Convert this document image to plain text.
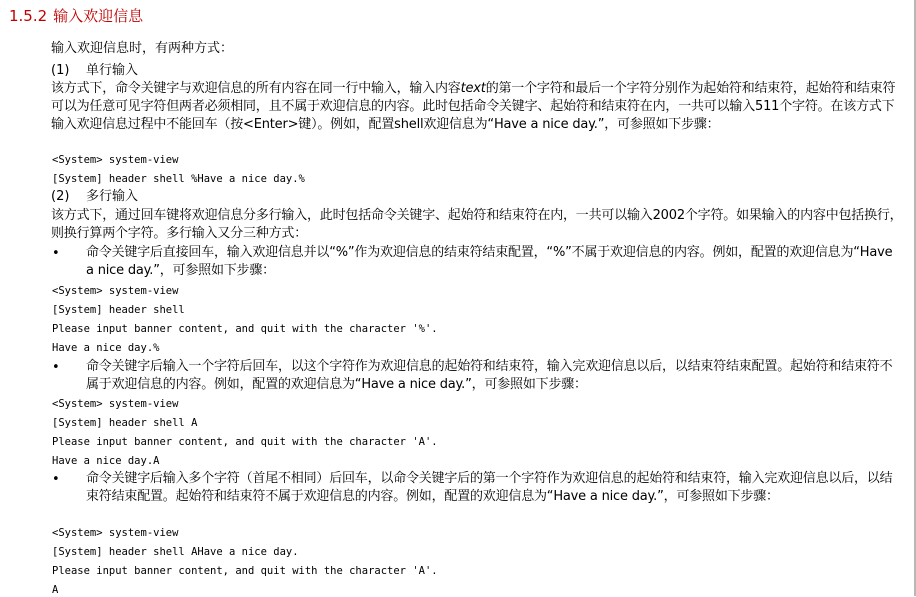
1.5.2 输入欢迎信息
输入欢迎信息时，有两种方式：
(1) 单行输入
该方式下，命令关键字与欢迎信息的所有内容在同一行中输入，输入内容text的第一个字符和最后一个字符分别作为起始符和结束符，起始符和结束符可以为任意可见字符但两者必须相同，且不属于欢迎信息的内容。此时包括命令关键字、起始符和结束符在内，一共可以输入511个字符。在该方式下输入欢迎信息过程中不能回车（按<Enter>键）。例如，配置shell欢迎信息为“Have a nice day.”，可参照如下步骤：
<System> system-view
[System] header shell %Have a nice day.%
(2) 多行输入
该方式下，通过回车键将欢迎信息分多行输入，此时包括命令关键字、起始符和结束符在内，一共可以输入2002个字符。如果输入的内容中包括换行，则换行算两个字符。多行输入又分三种方式：
• 命令关键字后直接回车，输入欢迎信息并以“%”作为欢迎信息的结束符结束配置，“%”不属于欢迎信息的内容。例如，配置的欢迎信息为“Have a nice day.”，可参照如下步骤：
<System> system-view
[System] header shell
Please input banner content, and quit with the character '%'.
Have a nice day.%
• 命令关键字后输入一个字符后回车，以这个字符作为欢迎信息的起始符和结束符，输入完欢迎信息以后，以结束符结束配置。起始符和结束符不属于欢迎信息的内容。例如，配置的欢迎信息为“Have a nice day.”，可参照如下步骤：
<System> system-view
[System] header shell A
Please input banner content, and quit with the character 'A'.
Have a nice day.A
• 命令关键字后输入多个字符（首尾不相同）后回车，以命令关键字后的第一个字符作为欢迎信息的起始符和结束符，输入完欢迎信息以后，以结束符结束配置。起始符和结束符不属于欢迎信息的内容。例如，配置的欢迎信息为“Have a nice day.”，可参照如下步骤：
<System> system-view
[System] header shell AHave a nice day.
Please input banner content, and quit with the character 'A'.
A
